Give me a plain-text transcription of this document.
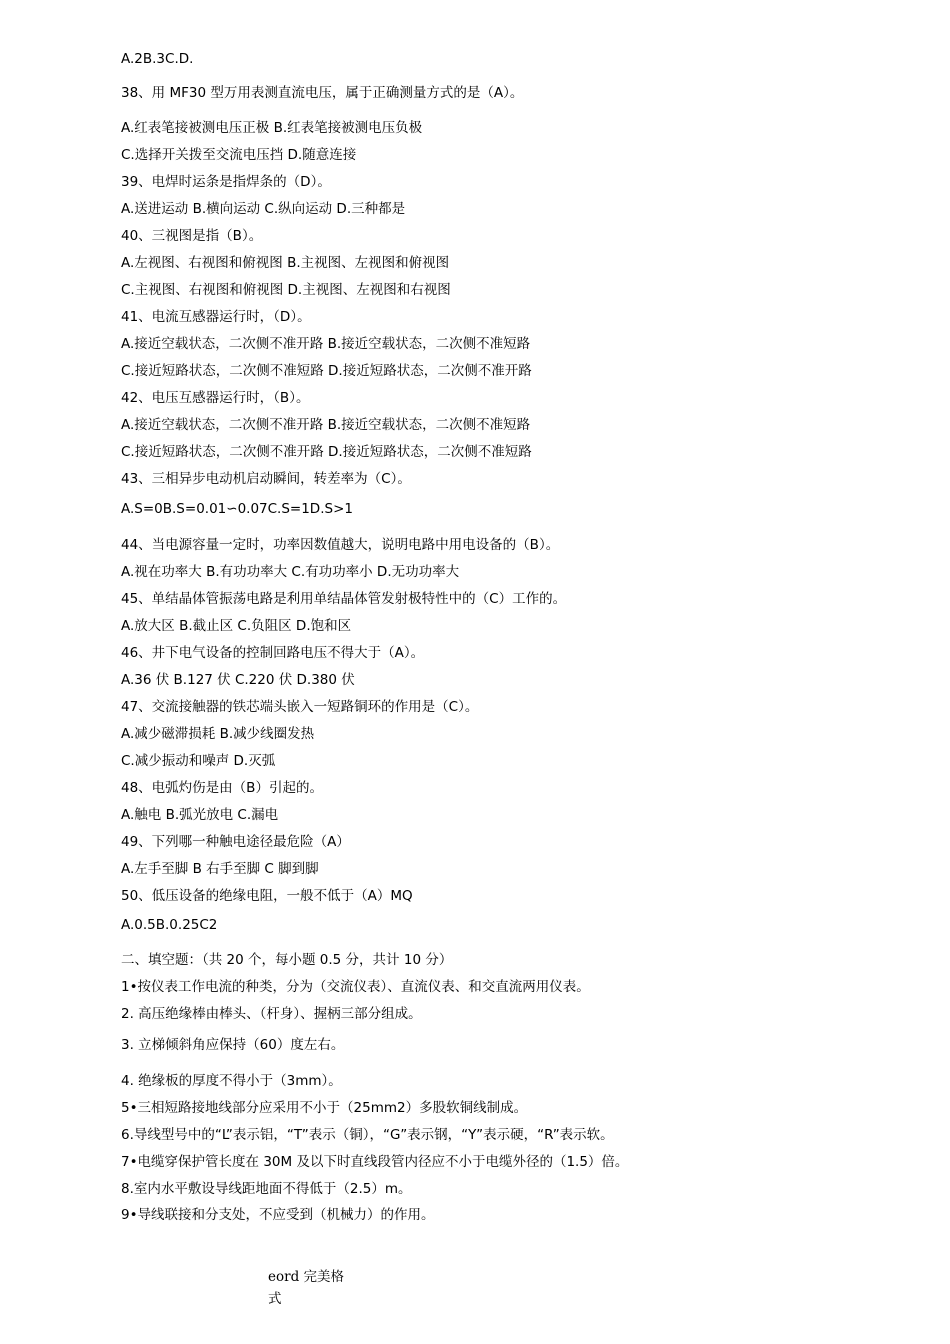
A.2B.3C.D.
38、用 MF30 型万用表测直流电压，属于正确测量方式的是（A）。
A.红表笔接被测电压正极 B.红表笔接被测电压负极
C.选择开关拨至交流电压挡 D.随意连接
39、电焊时运条是指焊条的（D）。
A.送进运动 B.横向运动 C.纵向运动 D.三种都是
40、三视图是指（B）。
A.左视图、右视图和俯视图 B.主视图、左视图和俯视图
C.主视图、右视图和俯视图 D.主视图、左视图和右视图
41、电流互感器运行时，（D）。
A.接近空载状态，二次侧不准开路 B.接近空载状态，二次侧不准短路
C.接近短路状态，二次侧不准短路 D.接近短路状态，二次侧不准开路
42、电压互感器运行时，（B）。
A.接近空载状态，二次侧不准开路 B.接近空载状态，二次侧不准短路
C.接近短路状态，二次侧不准开路 D.接近短路状态，二次侧不准短路
43、三相异步电动机启动瞬间，转差率为（C）。
A.S=0B.S=0.01∽0.07C.S=1D.S>1
44、当电源容量一定时，功率因数值越大，说明电路中用电设备的（B）。
A.视在功率大 B.有功功率大 C.有功功率小 D.无功功率大
45、单结晶体管振荡电路是利用单结晶体管发射极特性中的（C）工作的。
A.放大区 B.截止区 C.负阻区 D.饱和区
46、井下电气设备的控制回路电压不得大于（A）。
A.36 伏 B.127 伏 C.220 伏 D.380 伏
47、交流接触器的铁芯端头嵌入一短路铜环的作用是（C）。
A.减少磁滞损耗 B.减少线圈发热
C.减少振动和噪声 D.灭弧
48、电弧灼伤是由（B）引起的。
A.触电 B.弧光放电 C.漏电
49、下列哪一种触电途径最危险（A）
A.左手至脚 B 右手至脚 C 脚到脚
50、低压设备的绝缘电阻，一般不低于（A）MQ
A.0.5B.0.25C2
二、填空题：（共 20 个，每小题 0.5 分，共计 10 分）
1•按仪表工作电流的种类，分为（交流仪表）、直流仪表、和交直流两用仪表。
2. 高压绝缘棒由棒头、（杆身）、握柄三部分组成。
3. 立梯倾斜角应保持（60）度左右。
4. 绝缘板的厚度不得小于（3mm）。
5•三相短路接地线部分应采用不小于（25mm2）多股软铜线制成。
6.导线型号中的“L”表示铝，“T”表示（铜），“G”表示钢，“Y”表示硬，“R”表示软。
7•电缆穿保护管长度在 30M 及以下时直线段管内径应不小于电缆外径的（1.5）倍。
8.室内水平敷设导线距地面不得低于（2.5）m。
9•导线联接和分支处，不应受到（机械力）的作用。
eord 完美格
式
